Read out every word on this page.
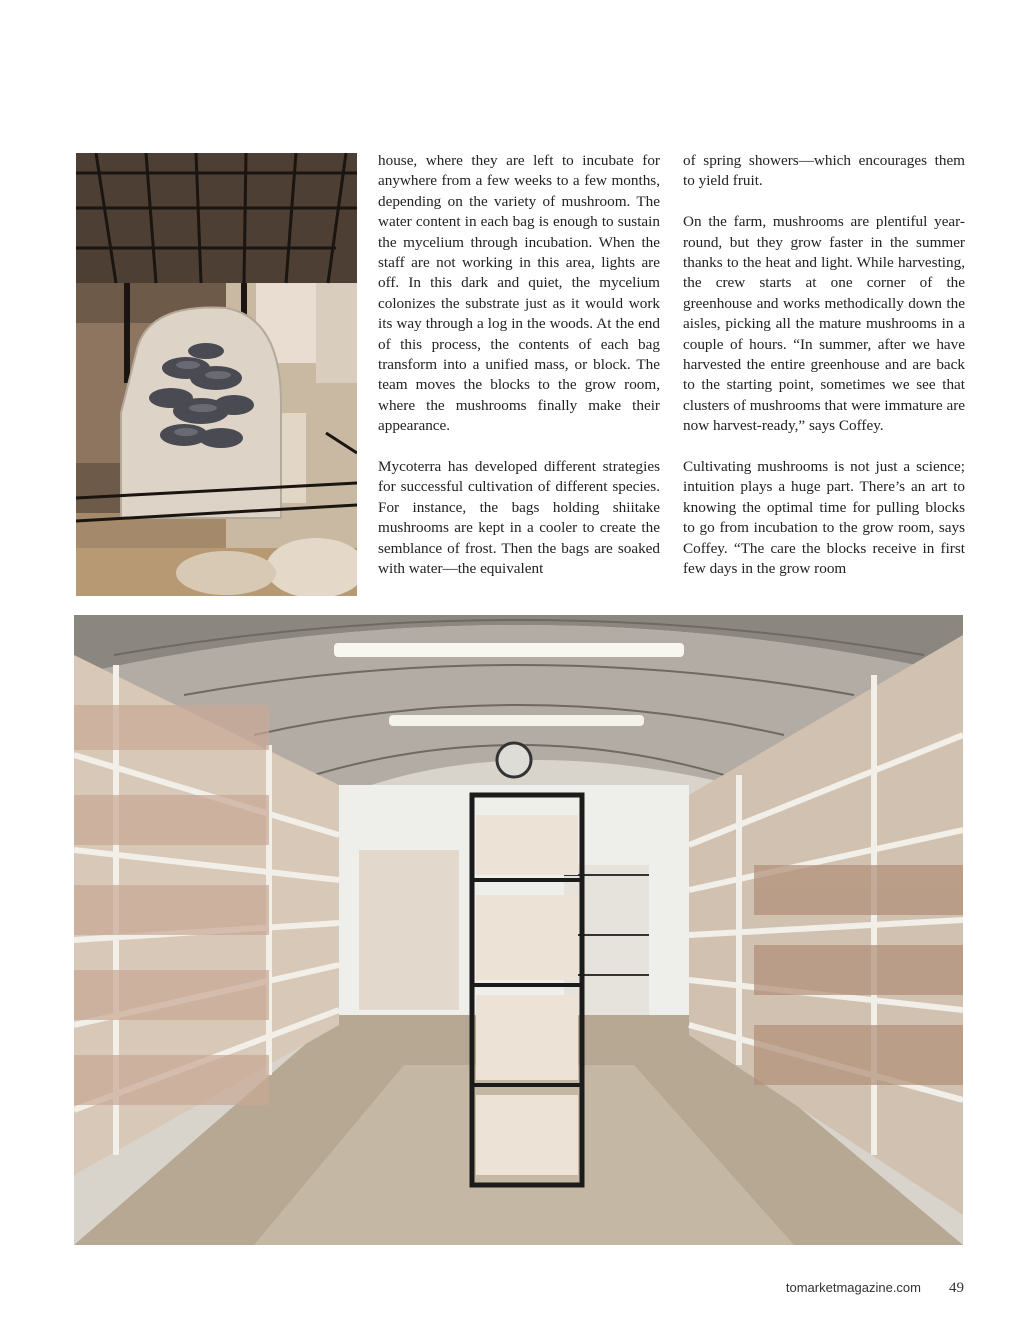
house, where they are left to incubate for anywhere from a few weeks to a few months, depending on the variety of mushroom. The water content in each bag is enough to sustain the mycelium through incubation. When the staff are not working in this area, lights are off. In this dark and quiet, the mycelium colonizes the substrate just as it would work its way through a log in the woods. At the end of this process, the contents of each bag transform into a unified mass, or block. The team moves the blocks to the grow room, where the mushrooms finally make their appearance.

Mycoterra has developed different strategies for successful cultivation of different species. For instance, the bags holding shiitake mushrooms are kept in a cooler to create the semblance of frost. Then the bags are soaked with water—the equivalent

of spring showers—which encourages them to yield fruit.

On the farm, mushrooms are plentiful year-round, but they grow faster in the summer thanks to the heat and light. While harvesting, the crew starts at one corner of the greenhouse and works methodically down the aisles, picking all the mature mushrooms in a couple of hours. “In summer, after we have harvested the entire greenhouse and are back to the starting point, sometimes we see that clusters of mushrooms that were immature are now harvest-ready,” says Coffey.

Cultivating mushrooms is not just a science; intuition plays a huge part. There’s an art to knowing the optimal time for pulling blocks to go from incubation to the grow room, says Coffey. “The care the blocks receive in first few days in the grow room

tomarketmagazine.com 49
